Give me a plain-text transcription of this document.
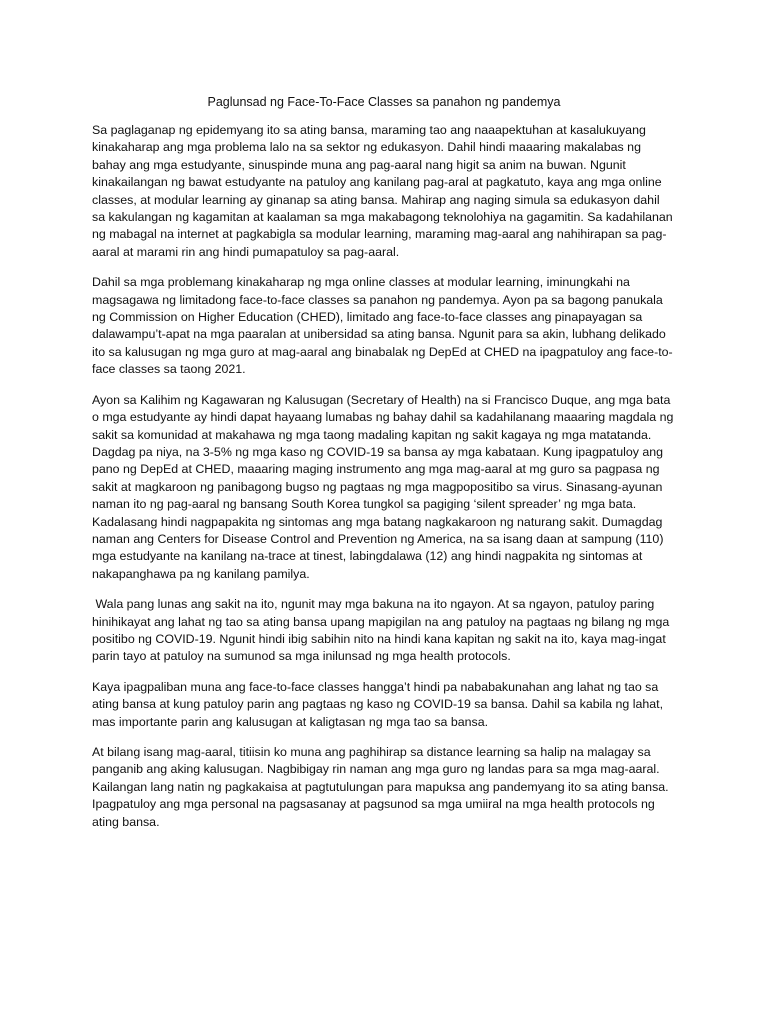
Paglunsad ng Face-To-Face Classes sa panahon ng pandemya

Sa paglaganap ng epidemyang ito sa ating bansa, maraming tao ang naaapektuhan at kasalukuyang kinakaharap ang mga problema lalo na sa sektor ng edukasyon. Dahil hindi maaaring makalabas ng bahay ang mga estudyante, sinuspinde muna ang pag-aaral nang higit sa anim na buwan. Ngunit kinakailangan ng bawat estudyante na patuloy ang kanilang pag-aral at pagkatuto, kaya ang mga online classes, at modular learning ay ginanap sa ating bansa. Mahirap ang naging simula sa edukasyon dahil sa kakulangan ng kagamitan at kaalaman sa mga makabagong teknolohiya na gagamitin. Sa kadahilanan ng mabagal na internet at pagkabigla sa modular learning, maraming mag-aaral ang nahihirapan sa pag-aaral at marami rin ang hindi pumapatuloy sa pag-aaral.

Dahil sa mga problemang kinakaharap ng mga online classes at modular learning, iminungkahi na magsagawa ng limitadong face-to-face classes sa panahon ng pandemya. Ayon pa sa bagong panukala ng Commission on Higher Education (CHED), limitado ang face-to-face classes ang pinapayagan sa dalawampu’t-apat na mga paaralan at unibersidad sa ating bansa. Ngunit para sa akin, lubhang delikado ito sa kalusugan ng mga guro at mag-aaral ang binabalak ng DepEd at CHED na ipagpatuloy ang face-to-face classes sa taong 2021.

Ayon sa Kalihim ng Kagawaran ng Kalusugan (Secretary of Health) na si Francisco Duque, ang mga bata o mga estudyante ay hindi dapat hayaang lumabas ng bahay dahil sa kadahilanang maaaring magdala ng sakit sa komunidad at makahawa ng mga taong madaling kapitan ng sakit kagaya ng mga matatanda. Dagdag pa niya, na 3-5% ng mga kaso ng COVID-19 sa bansa ay mga kabataan. Kung ipagpatuloy ang pano ng DepEd at CHED, maaaring maging instrumento ang mga mag-aaral at mg guro sa pagpasa ng sakit at magkaroon ng panibagong bugso ng pagtaas ng mga magpopositibo sa virus. Sinasang-ayunan naman ito ng pag-aaral ng bansang South Korea tungkol sa pagiging ‘silent spreader’ ng mga bata. Kadalasang hindi nagpapakita ng sintomas ang mga batang nagkakaroon ng naturang sakit. Dumagdag naman ang Centers for Disease Control and Prevention ng America, na sa isang daan at sampung (110) mga estudyante na kanilang na-trace at tinest, labingdalawa (12) ang hindi nagpakita ng sintomas at nakapanghawa pa ng kanilang pamilya.

Wala pang lunas ang sakit na ito, ngunit may mga bakuna na ito ngayon. At sa ngayon, patuloy paring hinihikayat ang lahat ng tao sa ating bansa upang mapigilan na ang patuloy na pagtaas ng bilang ng mga positibo ng COVID-19. Ngunit hindi ibig sabihin nito na hindi kana kapitan ng sakit na ito, kaya mag-ingat parin tayo at patuloy na sumunod sa mga inilunsad ng mga health protocols.

Kaya ipagpaliban muna ang face-to-face classes hangga’t hindi pa nababakunahan ang lahat ng tao sa ating bansa at kung patuloy parin ang pagtaas ng kaso ng COVID-19 sa bansa. Dahil sa kabila ng lahat, mas importante parin ang kalusugan at kaligtasan ng mga tao sa bansa.

At bilang isang mag-aaral, titiisin ko muna ang paghihirap sa distance learning sa halip na malagay sa panganib ang aking kalusugan. Nagbibigay rin naman ang mga guro ng landas para sa mga mag-aaral. Kailangan lang natin ng pagkakaisa at pagtutulungan para mapuksa ang pandemyang ito sa ating bansa. Ipagpatuloy ang mga personal na pagsasanay at pagsunod sa mga umiiral na mga health protocols ng ating bansa.
